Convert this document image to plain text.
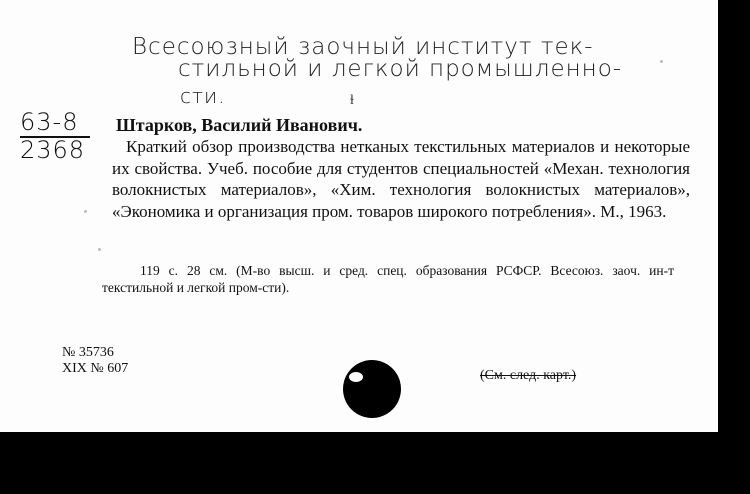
Всесоюзный заочный институт тек-
стильной и легкой промышленно-
сти.	ɫ
63-8
2368
Штарков, Василий Иванович.
Краткий обзор производства нетканых текстильных материалов и некоторые их свойства. Учеб. пособие для студентов специальностей «Механ. технология волокнистых материалов», «Хим. технология волокнистых материалов», «Экономика и организация пром. товаров широкого потребления». М., 1963.
119 с. 28 см. (М-во высш. и сред. спец. образования РСФСР. Всесоюз. заоч. ин-т текстильной и легкой пром-сти).
№ 35736
XIX № 607	(См. след. карт.)
